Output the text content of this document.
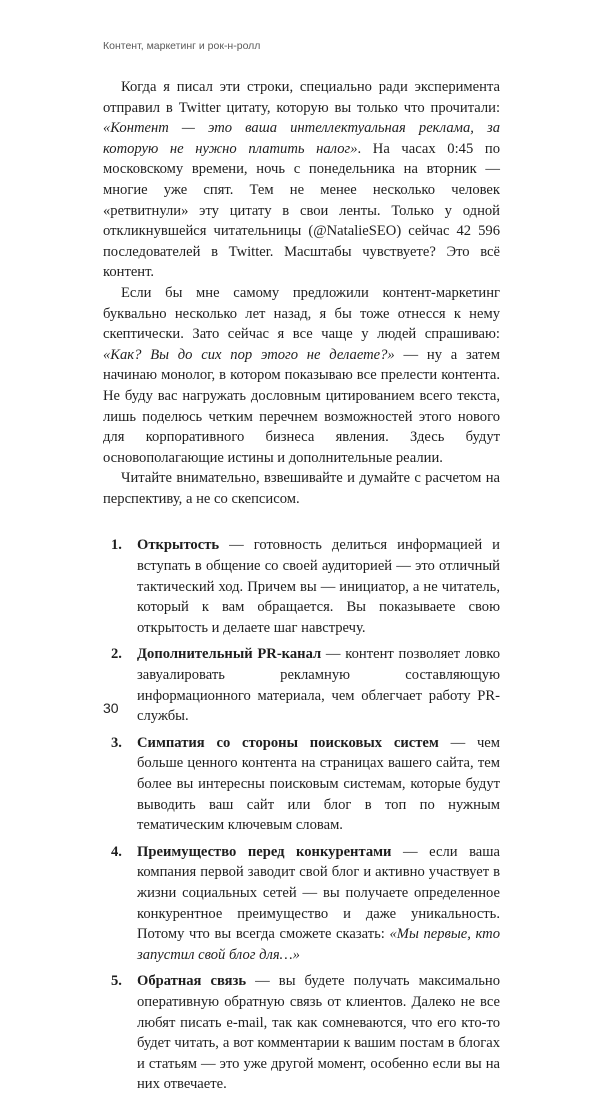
Контент, маркетинг и рок-н-ролл

Когда я писал эти строки, специально ради эксперимента отправил в Twitter цитату, которую вы только что прочитали: «Контент — это ваша интеллектуальная реклама, за которую не нужно платить налог». На часах 0:45 по московскому времени, ночь с понедельника на вторник — многие уже спят. Тем не менее несколько человек «ретвитнули» эту цитату в свои ленты. Только у одной откликнувшейся читательницы (@NatalieSEO) сейчас 42 596 последователей в Twitter. Масштабы чувствуете? Это всё контент.

Если бы мне самому предложили контент-маркетинг буквально несколько лет назад, я бы тоже отнесся к нему скептически. Зато сейчас я все чаще у людей спрашиваю: «Как? Вы до сих пор этого не делаете?» — ну а затем начинаю монолог, в котором показываю все прелести контента. Не буду вас нагружать дословным цитированием всего текста, лишь поделюсь четким перечнем возможностей этого нового для корпоративного бизнеса явления. Здесь будут основополагающие истины и дополнительные реалии.

Читайте внимательно, взвешивайте и думайте с расчетом на перспективу, а не со скепсисом.

1.	Открытость — готовность делиться информацией и вступать в общение со своей аудиторией — это отличный тактический ход. Причем вы — инициатор, а не читатель, который к вам обращается. Вы показываете свою открытость и делаете шаг навстречу.
2.	Дополнительный PR-канал — контент позволяет ловко завуалировать рекламную составляющую информационного материала, чем облегчает работу PR-службы.
3.	Симпатия со стороны поисковых систем — чем больше ценного контента на страницах вашего сайта, тем более вы интересны поисковым системам, которые будут выводить ваш сайт или блог в топ по нужным тематическим ключевым словам.
4.	Преимущество перед конкурентами — если ваша компания первой заводит свой блог и активно участвует в жизни социальных сетей — вы получаете определенное конкурентное преимущество и даже уникальность. Потому что вы всегда сможете сказать: «Мы первые, кто запустил свой блог для…»
5.	Обратная связь — вы будете получать максимально оперативную обратную связь от клиентов. Далеко не все любят писать e-mail, так как сомневаются, что его кто-то будет читать, а вот комментарии к вашим постам в блогах и статьям — это уже другой момент, особенно если вы на них отвечаете.
30
